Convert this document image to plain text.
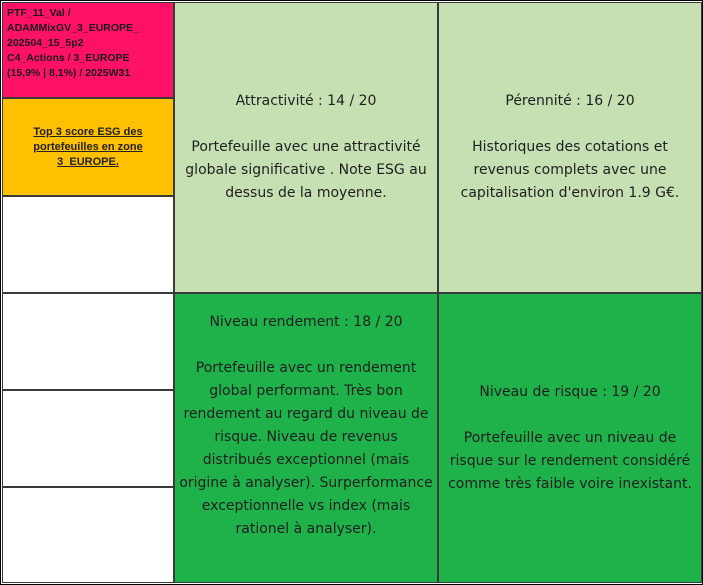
PTF_11_Val /
ADAMMixGV_3_EUROPE_
202504_15_5p2
C4_Actions / 3_EUROPE
(15,9% | 8,1%) / 2025W31
Top 3 score ESG des portefeuilles en zone 3_EUROPE.
Attractivité : 14 / 20
Portefeuille avec une attractivité globale significative . Note ESG au dessus de la moyenne.
Pérennité : 16 / 20
Historiques des cotations et revenus complets avec une capitalisation d'environ 1.9 G€.
Niveau rendement : 18 / 20
Portefeuille avec un rendement global performant. Très bon rendement au regard du niveau de risque. Niveau de revenus distribués exceptionnel (mais origine à analyser). Surperformance exceptionnelle vs index (mais rationel à analyser).
Niveau de risque : 19 / 20
Portefeuille avec un niveau de risque sur le rendement considéré comme très faible voire inexistant.
